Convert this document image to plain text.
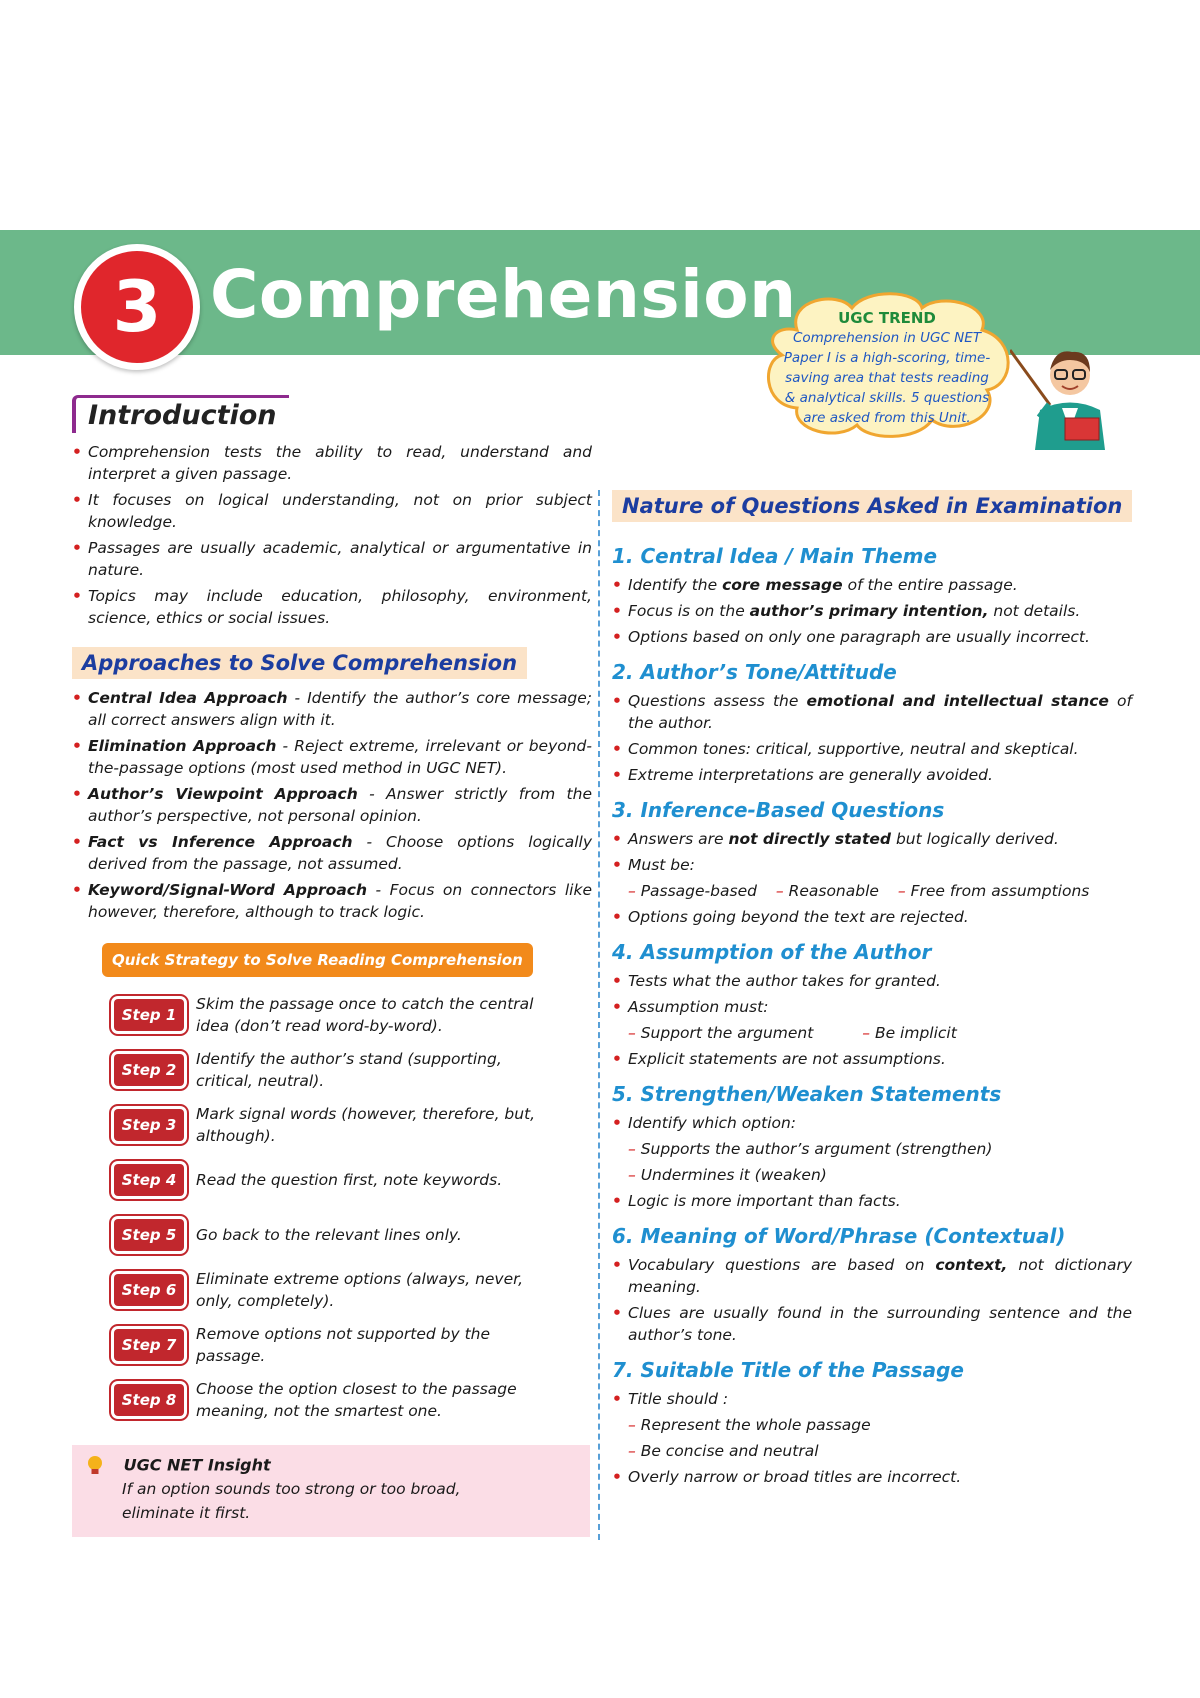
3 Comprehension	UGC TREND
Comprehension in UGC NET Paper I is a high-scoring, time-saving area that tests reading & analytical skills. 5 questions are asked from this Unit.
Introduction
• Comprehension tests the ability to read, understand and interpret a given passage.
• It focuses on logical understanding, not on prior subject knowledge.
• Passages are usually academic, analytical or argumentative in nature.
• Topics may include education, philosophy, environment, science, ethics or social issues.
Approaches to Solve Comprehension
• Central Idea Approach - Identify the author’s core message; all correct answers align with it.
• Elimination Approach - Reject extreme, irrelevant or beyond-the-passage options (most used method in UGC NET).
• Author’s Viewpoint Approach - Answer strictly from the author’s perspective, not personal opinion.
• Fact vs Inference Approach - Choose options logically derived from the passage, not assumed.
• Keyword/Signal-Word Approach - Focus on connectors like however, therefore, although to track logic.
Quick Strategy to Solve Reading Comprehension
Step 1
Skim the passage once to catch the central idea (don’t read word-by-word).
Step 2
Identify the author’s stand (supporting, critical, neutral).
Step 3
Mark signal words (however, therefore, but, although).
Step 4	Read the question first, note keywords.
Step 5	Go back to the relevant lines only.
Step 6
Eliminate extreme options (always, never, only, completely).
Step 7
Remove options not supported by the passage.
Step 8
Choose the option closest to the passage meaning, not the smartest one.
UGC NET Insight
If an option sounds too strong or too broad, eliminate it first.
Nature of Questions Asked in Examination
1. Central Idea / Main Theme
• Identify the core message of the entire passage.
• Focus is on the author’s primary intention, not details.
• Options based on only one paragraph are usually incorrect.
2. Author’s Tone/Attitude
• Questions assess the emotional and intellectual stance of the author.
• Common tones: critical, supportive, neutral and skeptical.
• Extreme interpretations are generally avoided.
3. Inference-Based Questions
• Answers are not directly stated but logically derived.
• Must be:
– Passage-based – Reasonable – Free from assumptions
• Options going beyond the text are rejected.
4. Assumption of the Author
• Tests what the author takes for granted.
• Assumption must:
– Support the argument	– Be implicit
• Explicit statements are not assumptions.
5. Strengthen/Weaken Statements
• Identify which option:
– Supports the author’s argument (strengthen)
– Undermines it (weaken)
• Logic is more important than facts.
6. Meaning of Word/Phrase (Contextual)
• Vocabulary questions are based on context, not dictionary meaning.
• Clues are usually found in the surrounding sentence and the author’s tone.
7. Suitable Title of the Passage
• Title should :
– Represent the whole passage
– Be concise and neutral
• Overly narrow or broad titles are incorrect.
